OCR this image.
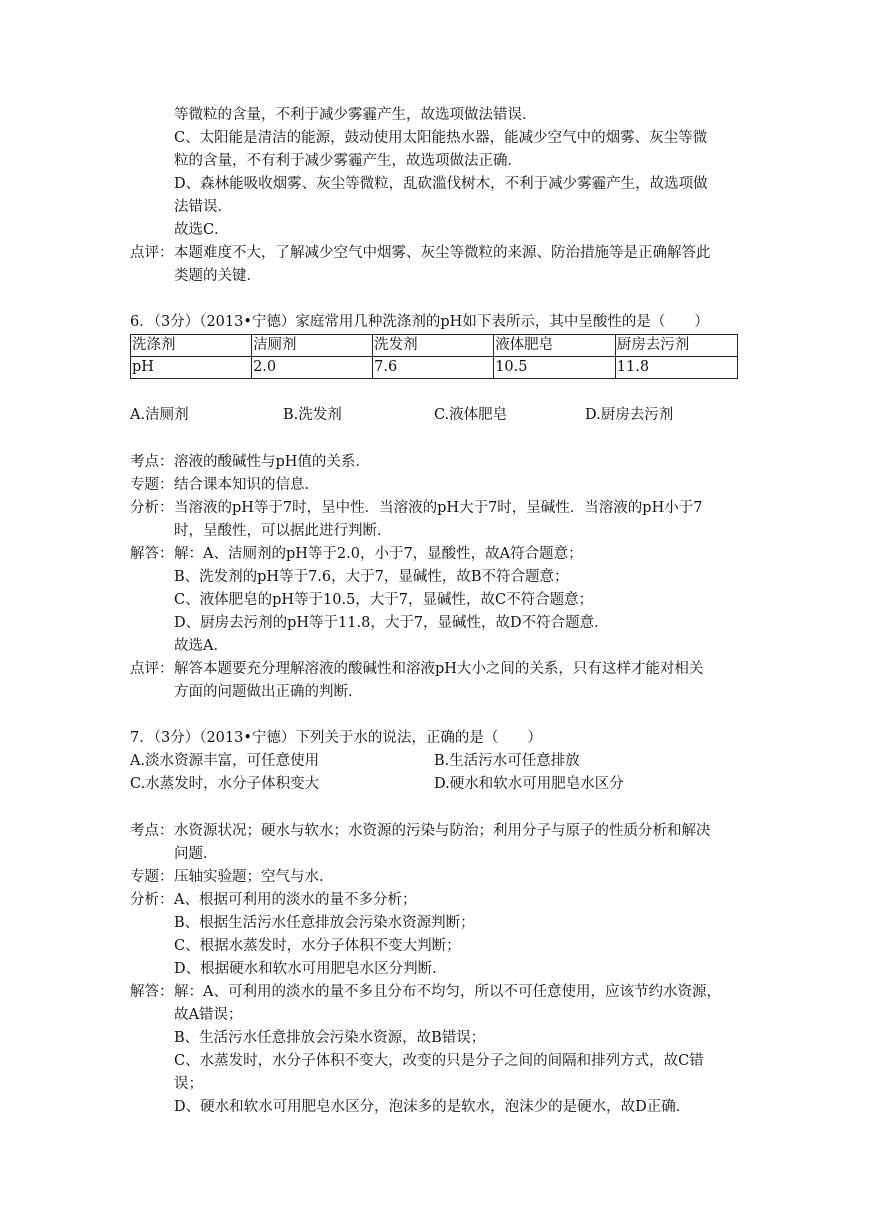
等微粒的含量，不利于减少雾霾产生，故选项做法错误．
C、太阳能是清洁的能源，鼓动使用太阳能热水器，能减少空气中的烟雾、灰尘等微
粒的含量，不有利于减少雾霾产生，故选项做法正确．
D、森林能吸收烟雾、灰尘等微粒，乱砍滥伐树木，不利于减少雾霾产生，故选项做
法错误．
故选C．
点评： 本题难度不大，了解减少空气中烟雾、灰尘等微粒的来源、防治措施等是正确解答此
类题的关键．
6．（3分）（2013•宁德）家庭常用几种洗涤剂的pH如下表所示，其中呈酸性的是（　　）
洗涤剂	洁厕剂	洗发剂	液体肥皂	厨房去污剂
pH	2.0	7.6	10.5	11.8
A.洁厕剂	B.洗发剂	C.液体肥皂	D.厨房去污剂
考点： 溶液的酸碱性与pH值的关系．
专题： 结合课本知识的信息．
分析： 当溶液的pH等于7时，呈中性．当溶液的pH大于7时，呈碱性．当溶液的pH小于7
时，呈酸性，可以据此进行判断．
解答： 解：A、洁厕剂的pH等于2.0，小于7，显酸性，故A符合题意；
B、洗发剂的pH等于7.6，大于7，显碱性，故B不符合题意；
C、液体肥皂的pH等于10.5，大于7，显碱性，故C不符合题意；
D、厨房去污剂的pH等于11.8，大于7，显碱性，故D不符合题意．
故选A．
点评： 解答本题要充分理解溶液的酸碱性和溶液pH大小之间的关系，只有这样才能对相关
方面的问题做出正确的判断．
7．（3分）（2013•宁德）下列关于水的说法，正确的是（　　）
A.淡水资源丰富，可任意使用	B.生活污水可任意排放
C.水蒸发时，水分子体积变大	D.硬水和软水可用肥皂水区分
考点： 水资源状况；硬水与软水；水资源的污染与防治；利用分子与原子的性质分析和解决
问题．
专题： 压轴实验题；空气与水．
分析： A、根据可利用的淡水的量不多分析；
B、根据生活污水任意排放会污染水资源判断；
C、根据水蒸发时，水分子体积不变大判断；
D、根据硬水和软水可用肥皂水区分判断．
解答： 解：A、可利用的淡水的量不多且分布不均匀，所以不可任意使用，应该节约水资源，
故A错误；
B、生活污水任意排放会污染水资源，故B错误；
C、水蒸发时，水分子体积不变大，改变的只是分子之间的间隔和排列方式，故C错
误；
D、硬水和软水可用肥皂水区分，泡沫多的是软水，泡沫少的是硬水，故D正确．
